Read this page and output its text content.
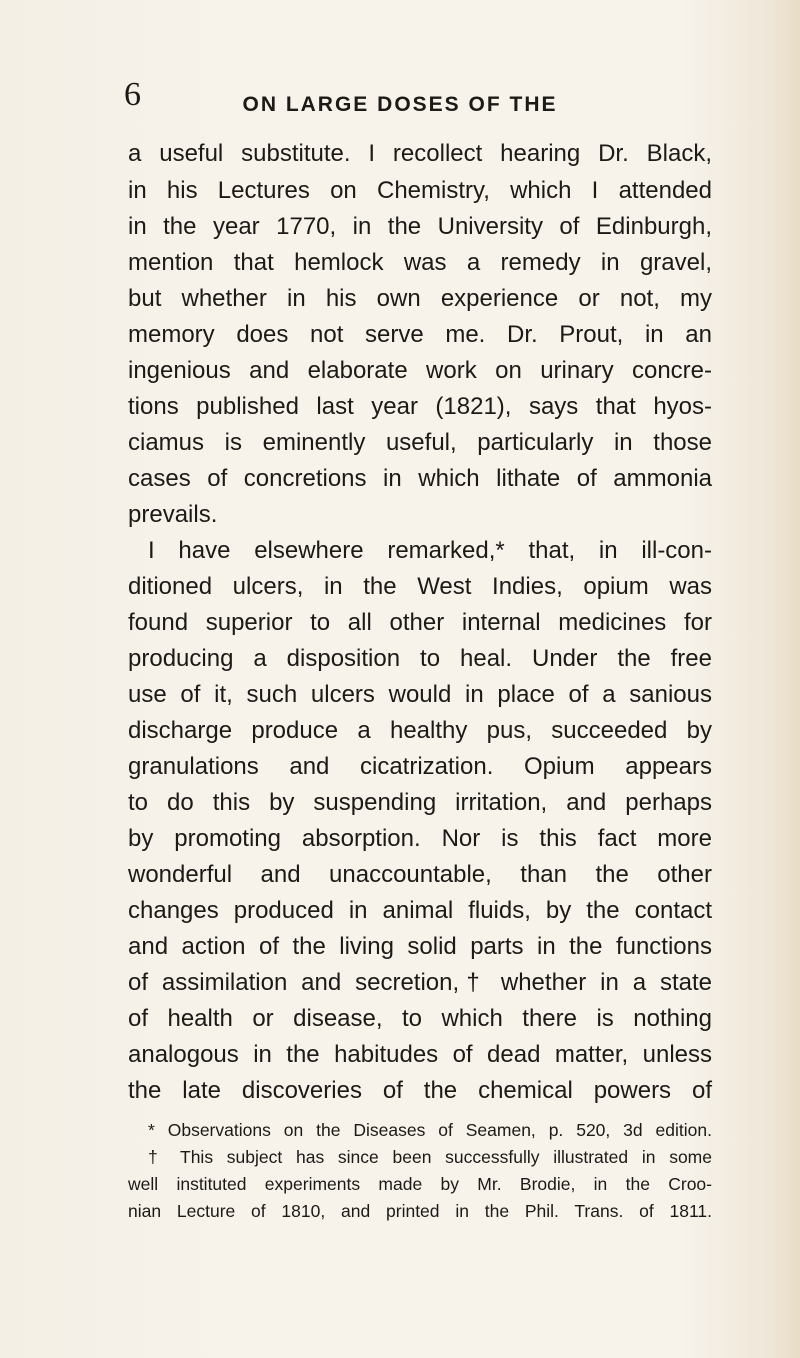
6	ON LARGE DOSES OF THE
a useful substitute. I recollect hearing Dr. Black,
in his Lectures on Chemistry, which I attended
in the year 1770, in the University of Edinburgh,
mention that hemlock was a remedy in gravel,
but whether in his own experience or not, my
memory does not serve me. Dr. Prout, in an
ingenious and elaborate work on urinary concre-
tions published last year (1821), says that hyos-
ciamus is eminently useful, particularly in those
cases of concretions in which lithate of ammonia
prevails.
I have elsewhere remarked,* that, in ill-con-
ditioned ulcers, in the West Indies, opium was
found superior to all other internal medicines for
producing a disposition to heal. Under the free
use of it, such ulcers would in place of a sanious
discharge produce a healthy pus, succeeded by
granulations and cicatrization. Opium appears
to do this by suspending irritation, and perhaps
by promoting absorption. Nor is this fact more
wonderful and unaccountable, than the other
changes produced in animal fluids, by the contact
and action of the living solid parts in the functions
of assimilation and secretion,† whether in a state
of health or disease, to which there is nothing
analogous in the habitudes of dead matter, unless
the late discoveries of the chemical powers of
* Observations on the Diseases of Seamen, p. 520, 3d edition.
† This subject has since been successfully illustrated in some
well instituted experiments made by Mr. Brodie, in the Croo-
nian Lecture of 1810, and printed in the Phil. Trans. of 1811.
